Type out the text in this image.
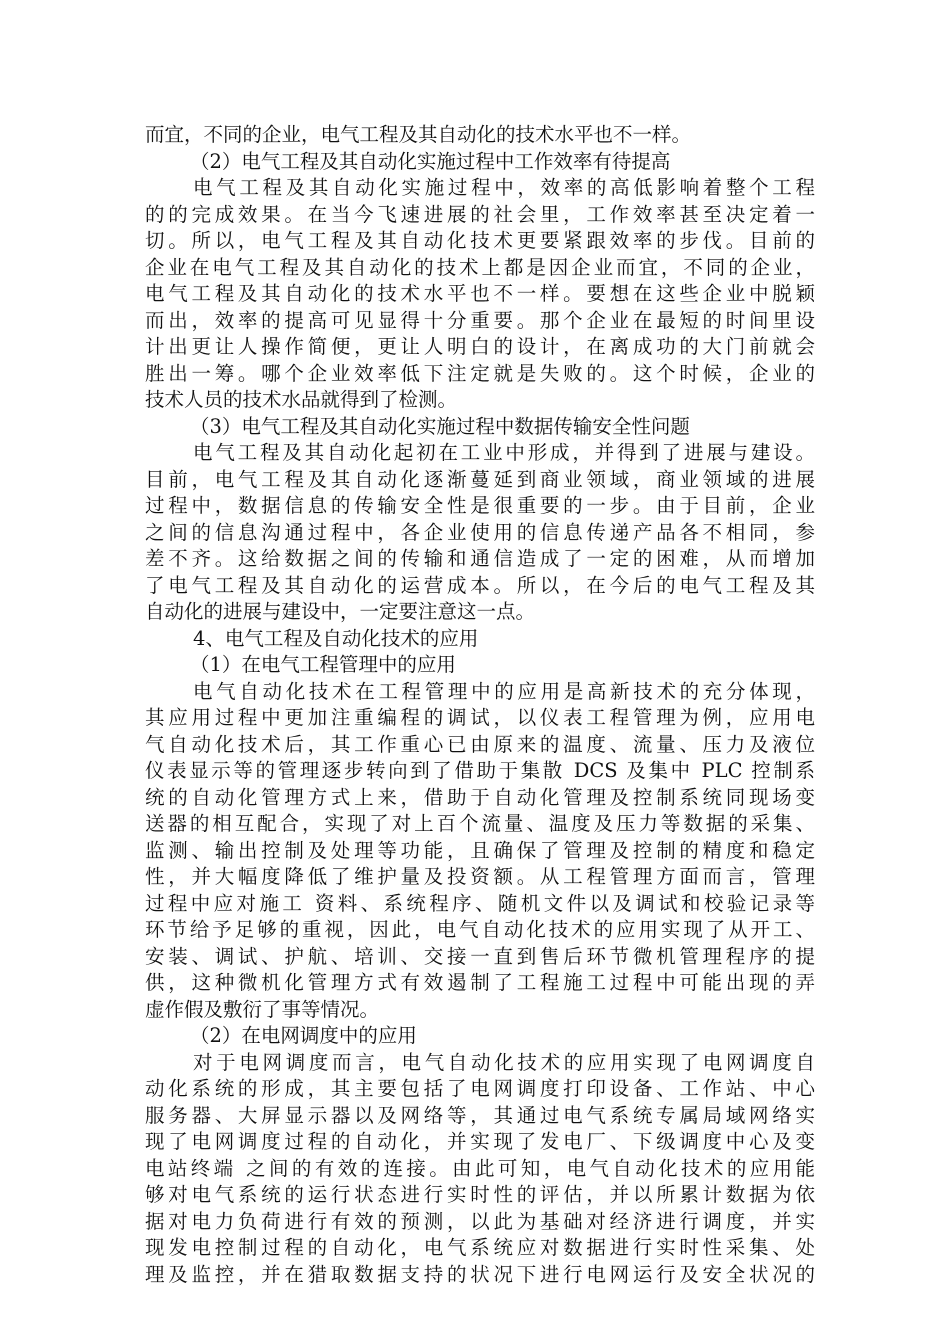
而宜，不同的企业，电气工程及其自动化的技术水平也不一样。
（2）电气工程及其自动化实施过程中工作效率有待提高
电气工程及其自动化实施过程中，效率的高低影响着整个工程
的的完成效果。在当今飞速进展的社会里，工作效率甚至决定着一
切。所以，电气工程及其自动化技术更要紧跟效率的步伐。目前的
企业在电气工程及其自动化的技术上都是因企业而宜，不同的企业，
电气工程及其自动化的技术水平也不一样。要想在这些企业中脱颖
而出，效率的提高可见显得十分重要。那个企业在最短的时间里设
计出更让人操作简便，更让人明白的设计，在离成功的大门前就会
胜出一筹。哪个企业效率低下注定就是失败的。这个时候，企业的
技术人员的技术水品就得到了检测。
（3）电气工程及其自动化实施过程中数据传输安全性问题
电气工程及其自动化起初在工业中形成，并得到了进展与建设。
目前，电气工程及其自动化逐渐蔓延到商业领域，商业领域的进展
过程中，数据信息的传输安全性是很重要的一步。由于目前，企业
之间的信息沟通过程中，各企业使用的信息传递产品各不相同，参
差不齐。这给数据之间的传输和通信造成了一定的困难，从而增加
了电气工程及其自动化的运营成本。所以，在今后的电气工程及其
自动化的进展与建设中，一定要注意这一点。
4、电气工程及自动化技术的应用
（1）在电气工程管理中的应用
电气自动化技术在工程管理中的应用是高新技术的充分体现，
其应用过程中更加注重编程的调试，以仪表工程管理为例，应用电
气自动化技术后，其工作重心已由原来的温度、流量、压力及液位
仪表显示等的管理逐步转向到了借助于集散 DCS 及集中 PLC 控制系
统的自动化管理方式上来，借助于自动化管理及控制系统同现场变
送器的相互配合，实现了对上百个流量、温度及压力等数据的采集、
监测、输出控制及处理等功能，且确保了管理及控制的精度和稳定
性，并大幅度降低了维护量及投资额。从工程管理方面而言，管理
过程中应对施工 资料、系统程序、随机文件以及调试和校验记录等
环节给予足够的重视，因此，电气自动化技术的应用实现了从开工、
安装、调试、护航、培训、交接一直到售后环节微机管理程序的提
供，这种微机化管理方式有效遏制了工程施工过程中可能出现的弄
虚作假及敷衍了事等情况。
（2）在电网调度中的应用
对于电网调度而言，电气自动化技术的应用实现了电网调度自
动化系统的形成，其主要包括了电网调度打印设备、工作站、中心
服务器、大屏显示器以及网络等，其通过电气系统专属局域网络实
现了电网调度过程的自动化，并实现了发电厂、下级调度中心及变
电站终端 之间的有效的连接。由此可知，电气自动化技术的应用能
够对电气系统的运行状态进行实时性的评估，并以所累计数据为依
据对电力负荷进行有效的预测，以此为基础对经济进行调度，并实
现发电控制过程的自动化，电气系统应对数据进行实时性采集、处
理及监控，并在猎取数据支持的状况下进行电网运行及安全状况的
